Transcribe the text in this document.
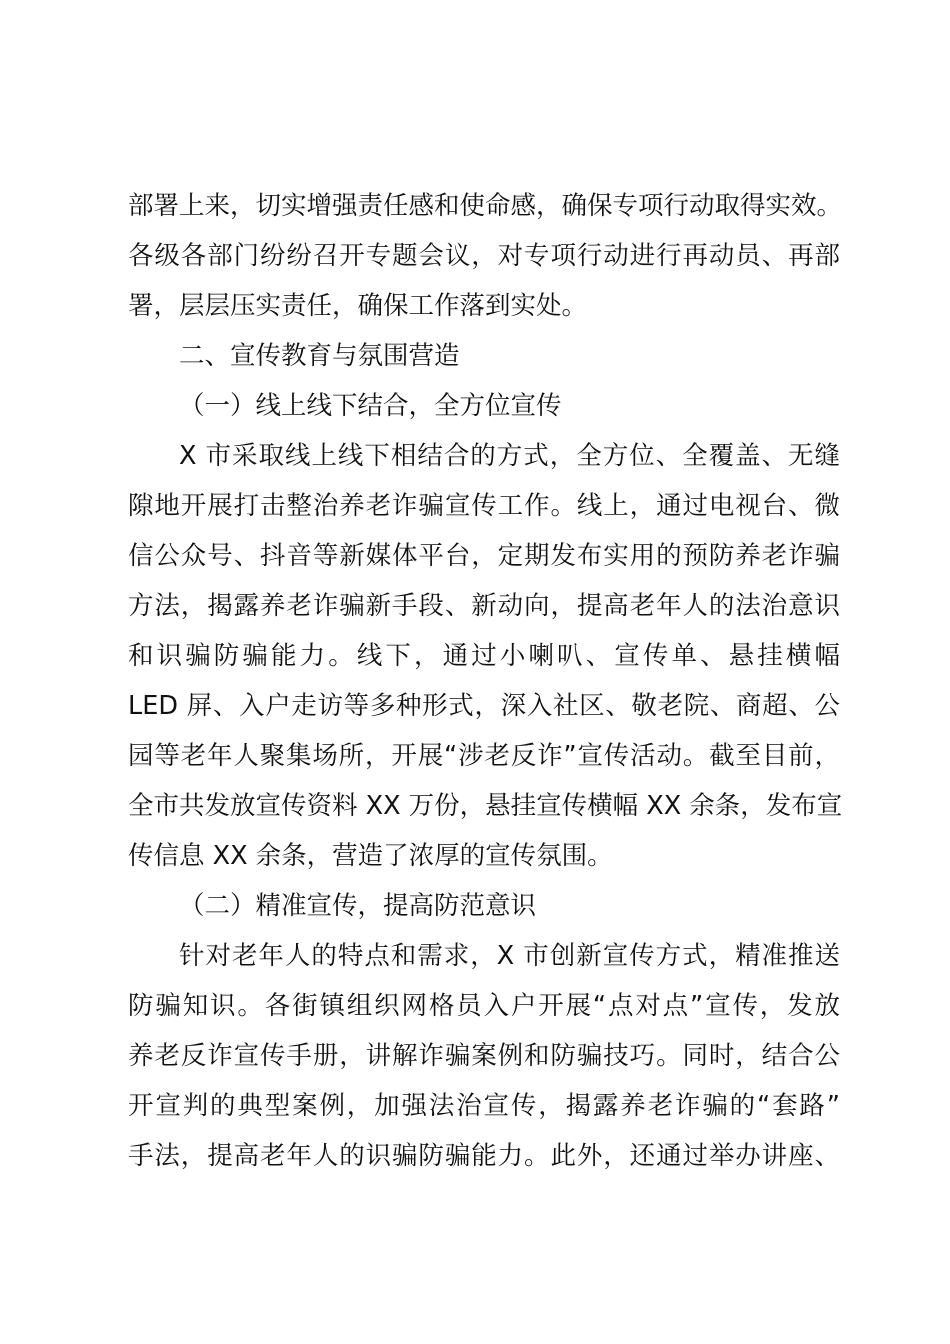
部署上来，切实增强责任感和使命感，确保专项行动取得实效。
各级各部门纷纷召开专题会议，对专项行动进行再动员、再部
署，层层压实责任，确保工作落到实处。
二、宣传教育与氛围营造
（一）线上线下结合，全方位宣传
X 市采取线上线下相结合的方式，全方位、全覆盖、无缝
隙地开展打击整治养老诈骗宣传工作。线上，通过电视台、微
信公众号、抖音等新媒体平台，定期发布实用的预防养老诈骗
方法，揭露养老诈骗新手段、新动向，提高老年人的法治意识
和识骗防骗能力。线下，通过小喇叭、宣传单、悬挂横幅
LED 屏、入户走访等多种形式，深入社区、敬老院、商超、公
园等老年人聚集场所，开展“涉老反诈”宣传活动。截至目前，
全市共发放宣传资料 XX 万份，悬挂宣传横幅 XX 余条，发布宣
传信息 XX 余条，营造了浓厚的宣传氛围。
（二）精准宣传，提高防范意识
针对老年人的特点和需求，X 市创新宣传方式，精准推送
防骗知识。各街镇组织网格员入户开展“点对点”宣传，发放
养老反诈宣传手册，讲解诈骗案例和防骗技巧。同时，结合公
开宣判的典型案例，加强法治宣传，揭露养老诈骗的“套路”
手法，提高老年人的识骗防骗能力。此外，还通过举办讲座、
